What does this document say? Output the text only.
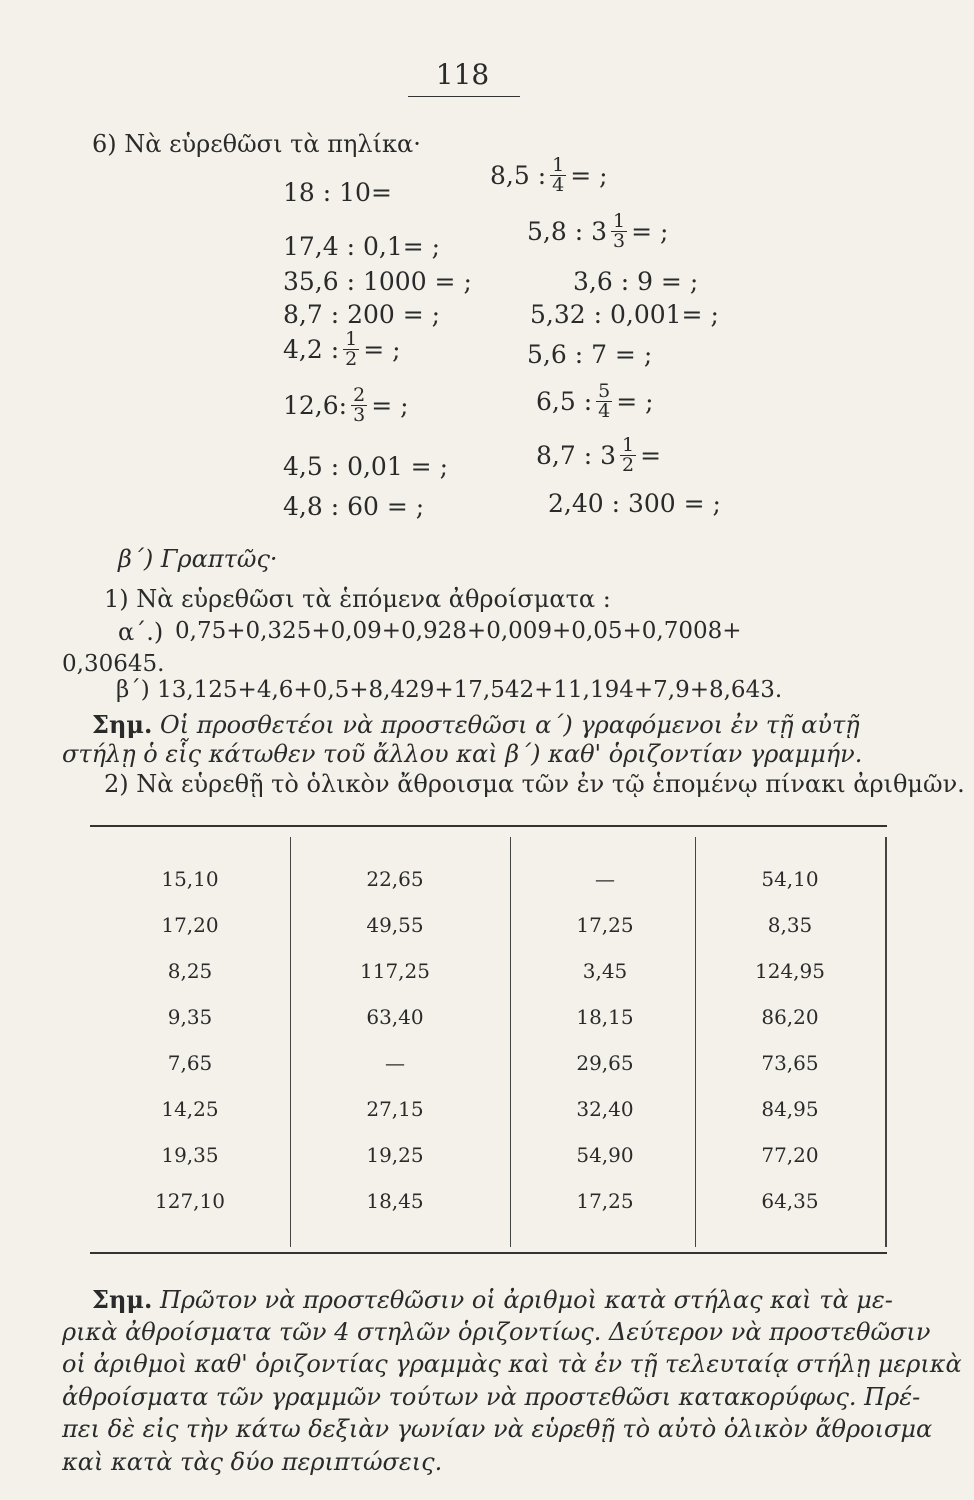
118
6) Νὰ εὑρεθῶσι τὰ πηλίκα·
18 : 10=
17,4 : 0,1= ;
35,6 : 1000 = ;
8,7 : 200 = ;
4,2 : $\frac{1}{2}$ = ;
12,6: $\frac{2}{3}$ = ;
4,5 : 0,01 = ;
4,8 : 60 = ;
8,5 : $\frac{1}{4}$ = ;
5,8 : $3 \frac{1}{3}$ = ;
3,6 : 9 = ;
5,32 : 0,001= ;
5,6 : 7 = ;
6,5 : $\frac{5}{4}$ = ;
8,7 : $3 \frac{1}{2}$ =
2,40 : 300 = ;
β΄) Γραπτῶς·
1) Νὰ εὑρεθῶσι τὰ ἑπόμενα ἀθροίσματα :
α΄.) 0,75+0,325+0,09+0,928+0,009+0,05+0,7008+
0,30645.
β΄) 13,125+4,6+0,5+8,429+17,542+11,194+7,9+8,643.
Σημ. Οἱ προσθετέοι νὰ προστεθῶσι α΄) γραφόμενοι ἐν τῇ αὐτῇ
στήλῃ ὁ εἷς κάτωθεν τοῦ ἄλλου καὶ β΄) καθ' ὁριζοντίαν γραμμήν.
2) Νὰ εὑρεθῇ τὸ ὁλικὸν ἄθροισμα τῶν ἐν τῷ ἑπομένῳ πίνακι ἀριθμῶν.
15,10
17,20
8,25
9,35
7,65
14,25
19,35
127,10
22,65
49,55
117,25
63,40
—
27,15
19,25
18,45
—
17,25
3,45
18,15
29,65
32,40
54,90
17,25
54,10
8,35
124,95
86,20
73,65
84,95
77,20
64,35
Σημ. Πρῶτον νὰ προστεθῶσιν οἱ ἀριθμοὶ κατὰ στήλας καὶ τὰ με-
ρικὰ ἀθροίσματα τῶν 4 στηλῶν ὁριζοντίως. Δεύτερον νὰ προστεθῶσιν
οἱ ἀριθμοὶ καθ' ὁριζοντίας γραμμὰς καὶ τὰ ἐν τῇ τελευταίᾳ στήλῃ μερικὰ
ἀθροίσματα τῶν γραμμῶν τούτων νὰ προστεθῶσι κατακορύφως. Πρέ-
πει δὲ εἰς τὴν κάτω δεξιὰν γωνίαν νὰ εὑρεθῇ τὸ αὐτὸ ὁλικὸν ἄθροισμα
καὶ κατὰ τὰς δύο περιπτώσεις.
